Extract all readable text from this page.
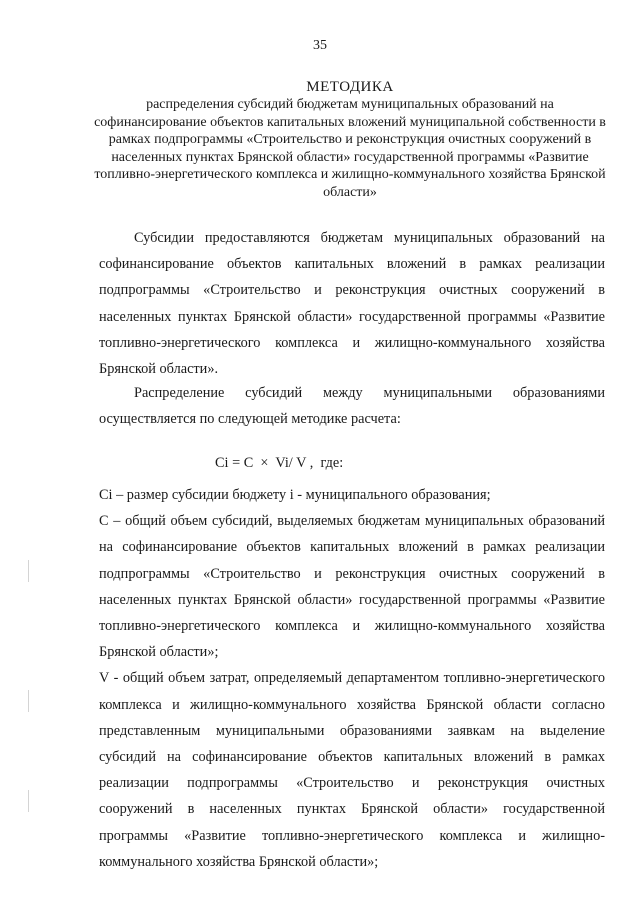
35
МЕТОДИКА
распределения субсидий бюджетам муниципальных образований на софинансирование объектов капитальных вложений муниципальной собственности в рамках подпрограммы «Строительство и реконструкция очистных сооружений в населенных пунктах Брянской области» государственной программы «Развитие топливно-энергетического комплекса и жилищно-коммунального хозяйства Брянской области»
Субсидии предоставляются бюджетам муниципальных образований на софинансирование объектов капитальных вложений в рамках реализации подпрограммы «Строительство и реконструкция очистных сооружений в населенных пунктах Брянской области» государственной программы «Развитие топливно-энергетического комплекса и жилищно-коммунального хозяйства Брянской области».
Распределение субсидий между муниципальными образованиями осуществляется по следующей методике расчета:
Ci = C  ×  Vi/ V ,  где:

Ci – размер субсидии бюджету i - муниципального образования;

C – общий объем субсидий, выделяемых бюджетам муниципальных образований на софинансирование объектов капитальных вложений в рамках реализации подпрограммы «Строительство и реконструкция очистных сооружений в населенных пунктах Брянской области» государственной программы «Развитие топливно-энергетического комплекса и жилищно-коммунального хозяйства Брянской области»;

V - общий объем затрат, определяемый департаментом топливно-энергетического комплекса и жилищно-коммунального хозяйства Брянской области согласно представленным муниципальными образованиями заявкам на выделение субсидий на софинансирование объектов капитальных вложений в рамках реализации подпрограммы «Строительство и реконструкция очистных сооружений в населенных пунктах Брянской области» государственной программы «Развитие топливно-энергетического комплекса и жилищно-коммунального хозяйства Брянской области»;
